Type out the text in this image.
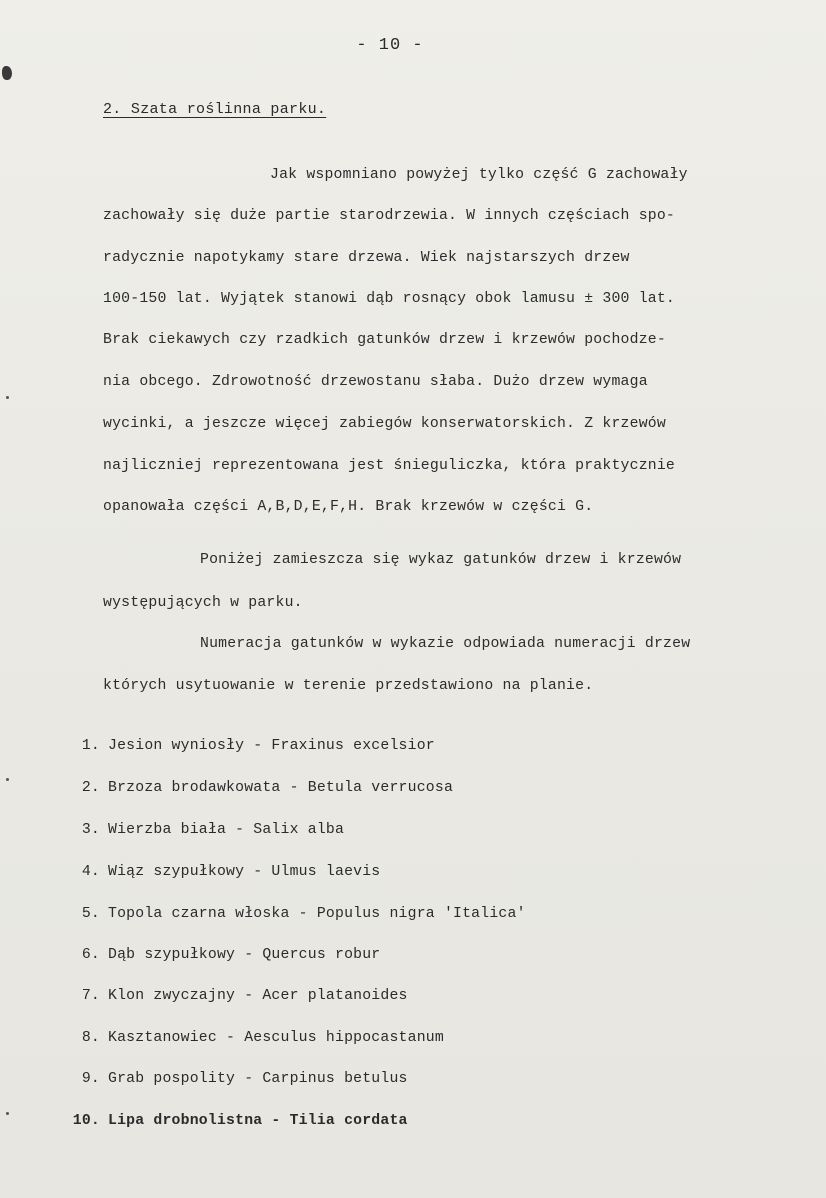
- 10 -
2. Szata roślinna parku.
Jak wspomniano powyżej tylko część G zachowały
zachowały się duże partie starodrzewia. W innych częściach spo-
radycznie napotykamy stare drzewa. Wiek najstarszych drzew
100-150 lat. Wyjątek stanowi dąb rosnący obok lamusu ± 300 lat.
Brak ciekawych czy rzadkich gatunków drzew i krzewów pochodze-
nia obcego. Zdrowotność drzewostanu słaba. Dużo drzew wymaga
wycinki, a jeszcze więcej zabiegów konserwatorskich. Z krzewów
najliczniej reprezentowana jest śnieguliczka, która praktycznie
opanowała części A,B,D,E,F,H. Brak krzewów w części G.
Poniżej zamieszcza się wykaz gatunków drzew i krzewów
występujących w parku.
Numeracja gatunków w wykazie odpowiada numeracji drzew
których usytuowanie w terenie przedstawiono na planie.
1. Jesion wyniosły - Fraxinus excelsior
2. Brzoza brodawkowata - Betula verrucosa
3. Wierzba biała - Salix alba
4. Wiąz szypułkowy - Ulmus laevis
5. Topola czarna włoska - Populus nigra 'Italica'
6. Dąb szypułkowy - Quercus robur
7. Klon zwyczajny - Acer platanoides
8. Kasztanowiec - Aesculus hippocastanum
9. Grab pospolity - Carpinus betulus
10. Lipa drobnolistna - Tilia cordata
